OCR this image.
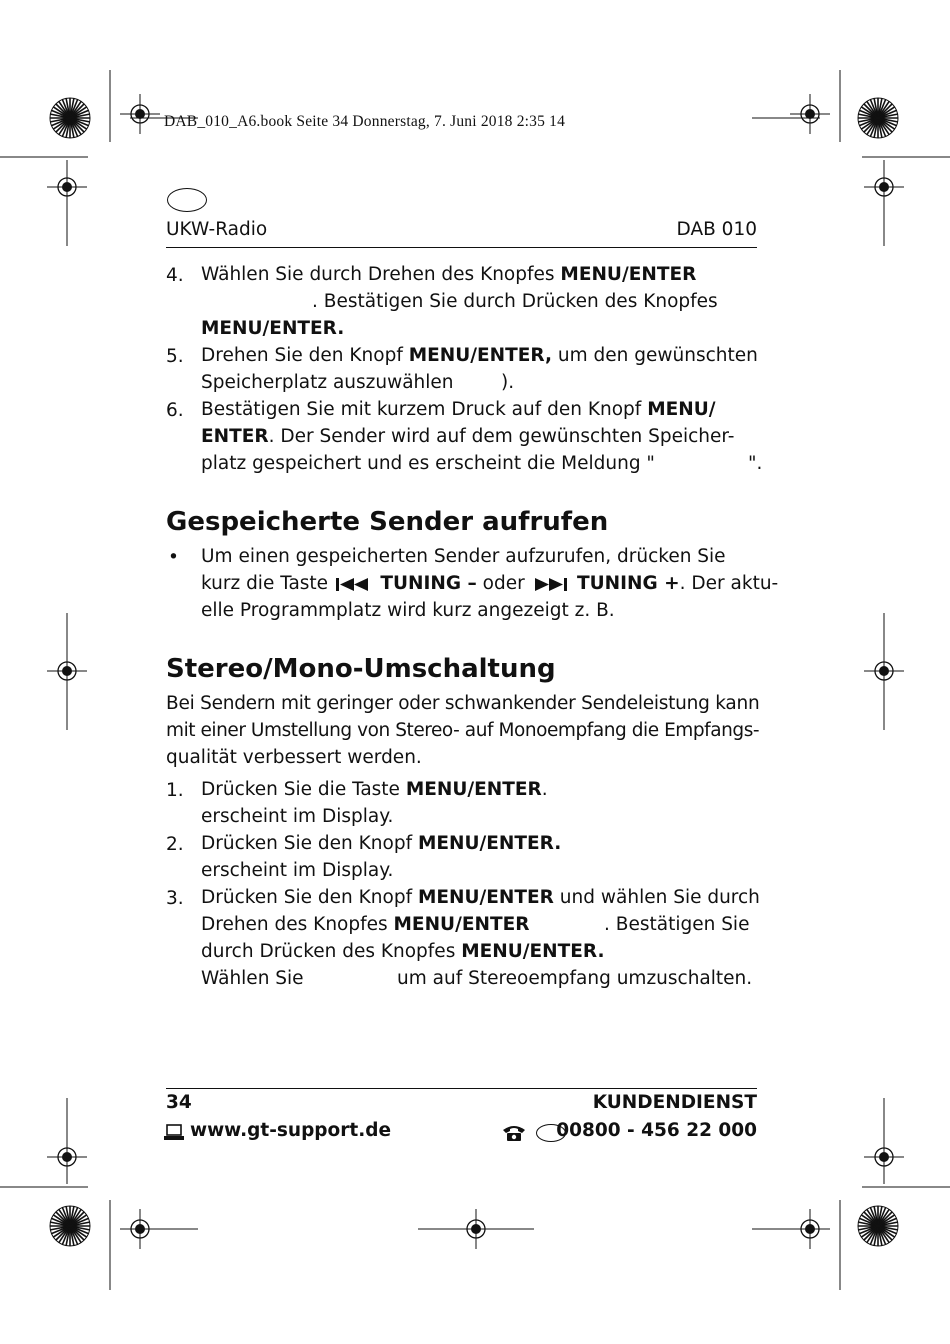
DAB_010_A6.book Seite 34 Donnerstag, 7. Juni 2018 2:35 14
UKW-Radio	DAB 010
4. Wählen Sie durch Drehen des Knopfes MENU/ENTER
. Bestätigen Sie durch Drücken des Knopfes
MENU/ENTER.
5. Drehen Sie den Knopf MENU/ENTER, um den gewünschten
Speicherplatz auszuwählen	).
6. Bestätigen Sie mit kurzem Druck auf den Knopf MENU/
ENTER. Der Sender wird auf dem gewünschten Speicher-
platz gespeichert und es erscheint die Meldung "	".
Gespeicherte Sender aufrufen
• Um einen gespeicherten Sender aufzurufen, drücken Sie
kurz die Taste  TUNING – oder  TUNING +. Der aktu-
elle Programmplatz wird kurz angezeigt z. B.
Stereo/Mono-Umschaltung
Bei Sendern mit geringer oder schwankender Sendeleistung kann
mit einer Umstellung von Stereo- auf Monoempfang die Empfangs-
qualität verbessert werden.
1. Drücken Sie die Taste MENU/ENTER.
erscheint im Display.
2. Drücken Sie den Knopf MENU/ENTER.
erscheint im Display.
3. Drücken Sie den Knopf MENU/ENTER und wählen Sie durch
Drehen des Knopfes MENU/ENTER	. Bestätigen Sie
durch Drücken des Knopfes MENU/ENTER.
Wählen Sie	um auf Stereoempfang umzuschalten.
34	KUNDENDIENST
www.gt-support.de	00800 - 456 22 000
